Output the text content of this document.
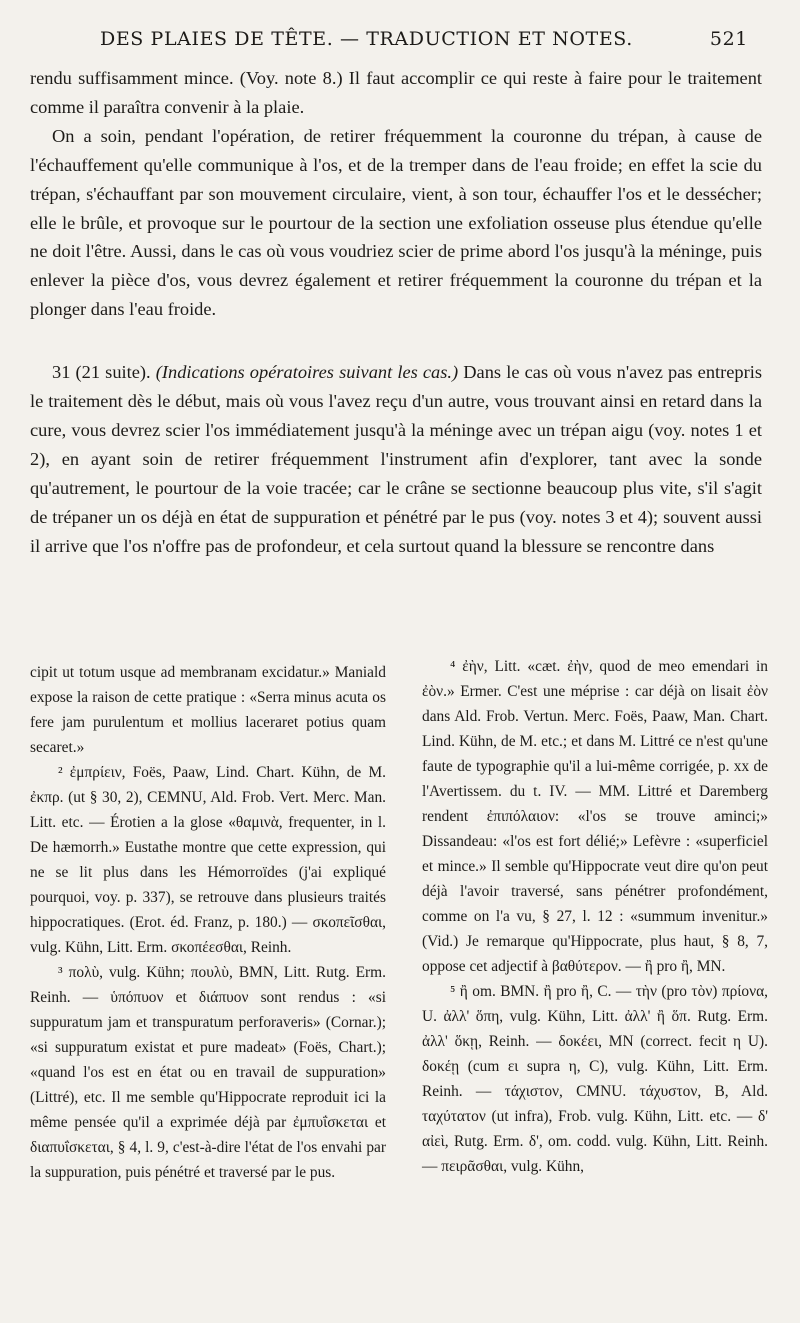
DES PLAIES DE TÊTE. — TRADUCTION ET NOTES.	521

rendu suffisamment mince. (Voy. note 8.) Il faut accomplir ce qui reste à faire pour le traitement comme il paraîtra convenir à la plaie.

On a soin, pendant l'opération, de retirer fréquemment la couronne du trépan, à cause de l'échauffement qu'elle communique à l'os, et de la tremper dans de l'eau froide; en effet la scie du trépan, s'échauffant par son mouvement circulaire, vient, à son tour, échauffer l'os et le dessécher; elle le brûle, et provoque sur le pourtour de la section une exfoliation osseuse plus étendue qu'elle ne doit l'être. Aussi, dans le cas où vous voudriez scier de prime abord l'os jusqu'à la méninge, puis enlever la pièce d'os, vous devrez également et retirer fréquemment la couronne du trépan et la plonger dans l'eau froide.

31 (21 suite). (Indications opératoires suivant les cas.) Dans le cas où vous n'avez pas entrepris le traitement dès le début, mais où vous l'avez reçu d'un autre, vous trouvant ainsi en retard dans la cure, vous devrez scier l'os immédiatement jusqu'à la méninge avec un trépan aigu (voy. notes 1 et 2), en ayant soin de retirer fréquemment l'instrument afin d'explorer, tant avec la sonde qu'autrement, le pourtour de la voie tracée; car le crâne se sectionne beaucoup plus vite, s'il s'agit de trépaner un os déjà en état de suppuration et pénétré par le pus (voy. notes 3 et 4); souvent aussi il arrive que l'os n'offre pas de profondeur, et cela surtout quand la blessure se rencontre dans

cipit ut totum usque ad membranam excidatur.» Maniald expose la raison de cette pratique : «Serra minus acuta os fere jam purulentum et mollius laceraret potius quam secaret.»

² ἐμπρίειν, Foës, Paaw, Lind. Chart. Kühn, de M. ἐκπρ. (ut § 30, 2), CEMNU, Ald. Frob. Vert. Merc. Man. Litt. etc. — Érotien a la glose «θαμινὰ, frequenter, in l. De hæmorrh.» Eustathe montre que cette expression, qui ne se lit plus dans les Hémorroïdes (j'ai expliqué pourquoi, voy. p. 337), se retrouve dans plusieurs traités hippocratiques. (Erot. éd. Franz, p. 180.) — σκοπεῖσθαι, vulg. Kühn, Litt. Erm. σκοπέεσθαι, Reinh.

³ πολὺ, vulg. Kühn; πουλὺ, BMN, Litt. Rutg. Erm. Reinh. — ὑπόπυον et διάπυον sont rendus : «si suppuratum jam et transpuratum perforaveris» (Cornar.); «si suppuratum existat et pure madeat» (Foës, Chart.); «quand l'os est en état ou en travail de suppuration» (Littré), etc. Il me semble qu'Hippocrate reproduit ici la même pensée qu'il a exprimée déjà par ἐμπυΐσκεται et διαπυΐσκεται, § 4, l. 9, c'est-à-dire l'état de l'os envahi par la suppuration, puis pénétré et traversé par le pus.

⁴ ἐὴν, Litt. «cæt. ἐὴν, quod de meo emendari in ἐὸν.» Ermer. C'est une méprise : car déjà on lisait ἐὸν dans Ald. Frob. Vertun. Merc. Foës, Paaw, Man. Chart. Lind. Kühn, de M. etc.; et dans M. Littré ce n'est qu'une faute de typographie qu'il a lui-même corrigée, p. xx de l'Avertissem. du t. IV. — MM. Littré et Daremberg rendent ἐπιπόλαιον: «l'os se trouve aminci;» Dissandeau: «l'os est fort délié;» Lefèvre : «superficiel et mince.» Il semble qu'Hippocrate veut dire qu'on peut déjà l'avoir traversé, sans pénétrer profondément, comme on l'a vu, § 27, l. 12 : «summum invenitur.» (Vid.) Je remarque qu'Hippocrate, plus haut, § 8, 7, oppose cet adjectif à βαθύτερον. — ἢ pro ἢ, MN.

⁵ ἢ om. BMN. ἢ pro ἢ, C. — τὴν (pro τὸν) πρίονα, U. ἀλλ' ὅπη, vulg. Kühn, Litt. ἀλλ' ἢ ὅπ. Rutg. Erm. ἀλλ' ὅκῃ, Reinh. — δοκέει, MN (correct. fecit η U). δοκέῃ (cum ει supra η, C), vulg. Kühn, Litt. Erm. Reinh. — τάχιστον, CMNU. τάχυστον, B, Ald. ταχύτατον (ut infra), Frob. vulg. Kühn, Litt. etc. — δ' αἰεὶ, Rutg. Erm. δ', om. codd. vulg. Kühn, Litt. Reinh. — πειρᾶσθαι, vulg. Kühn,
